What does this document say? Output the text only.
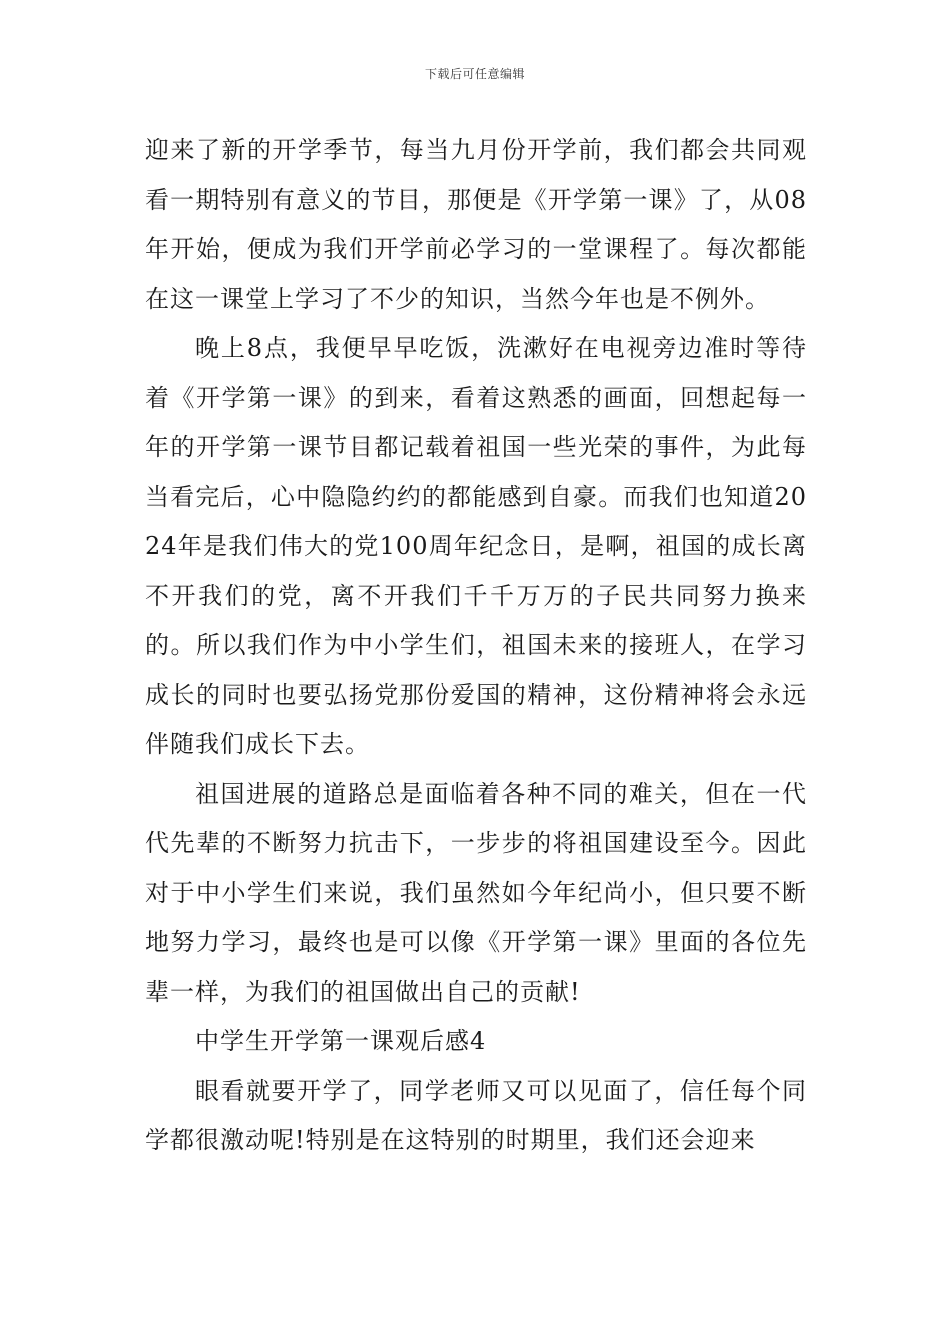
下载后可任意编辑

迎来了新的开学季节，每当九月份开学前，我们都会共同观看一期特别有意义的节目，那便是《开学第一课》了，从08年开始，便成为我们开学前必学习的一堂课程了。每次都能在这一课堂上学习了不少的知识，当然今年也是不例外。

晚上8点，我便早早吃饭，洗漱好在电视旁边准时等待着《开学第一课》的到来，看着这熟悉的画面，回想起每一年的开学第一课节目都记载着祖国一些光荣的事件，为此每当看完后，心中隐隐约约的都能感到自豪。而我们也知道2024年是我们伟大的党100周年纪念日，是啊，祖国的成长离不开我们的党，离不开我们千千万万的子民共同努力换来的。所以我们作为中小学生们，祖国未来的接班人，在学习成长的同时也要弘扬党那份爱国的精神，这份精神将会永远伴随我们成长下去。

祖国进展的道路总是面临着各种不同的难关，但在一代代先辈的不断努力抗击下，一步步的将祖国建设至今。因此对于中小学生们来说，我们虽然如今年纪尚小，但只要不断地努力学习，最终也是可以像《开学第一课》里面的各位先辈一样，为我们的祖国做出自己的贡献!

中学生开学第一课观后感4

眼看就要开学了，同学老师又可以见面了，信任每个同学都很激动呢!特别是在这特别的时期里，我们还会迎来
